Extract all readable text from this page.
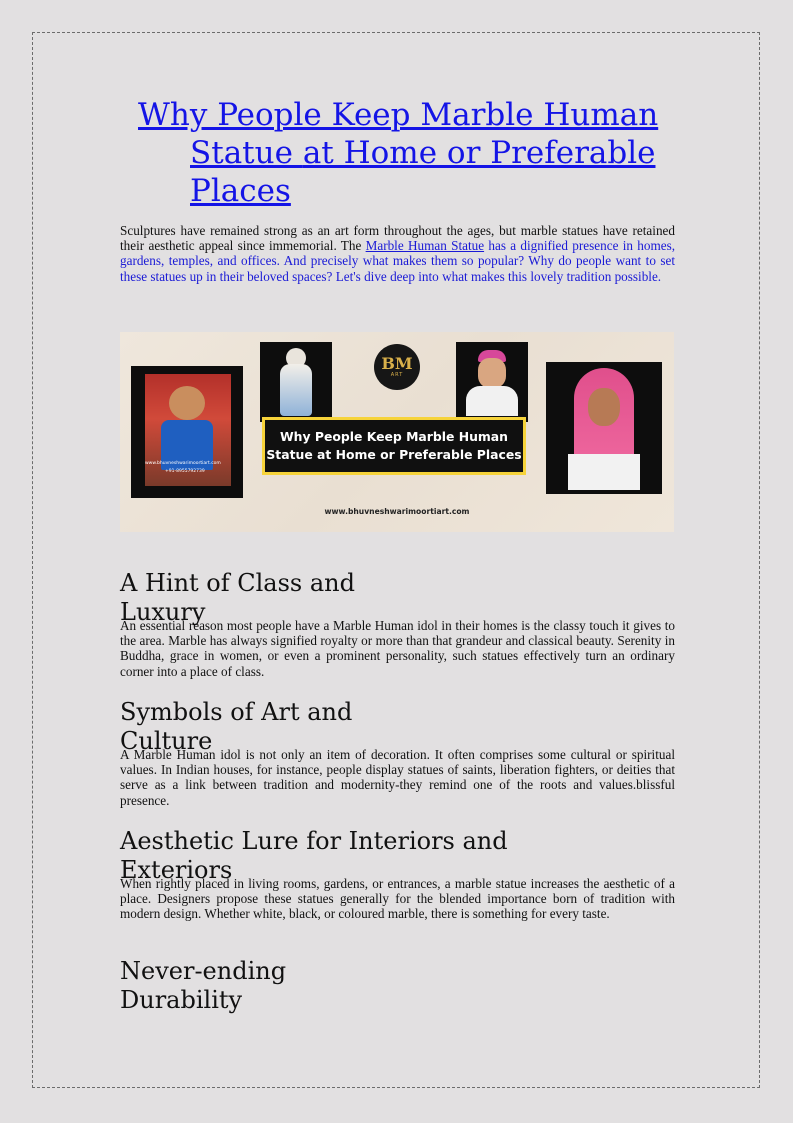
Why People Keep Marble Human
Statue at Home or Preferable
Places

Sculptures have remained strong as an art form throughout the ages, but marble statues have retained their aesthetic appeal since immemorial. The Marble Human Statue has a dignified presence in homes, gardens, temples, and offices. And precisely what makes them so popular? Why do people want to set these statues up in their beloved spaces? Let's dive deep into what makes this lovely tradition possible.

www.bhuvneshwarimoortiart.com
+91-8955792739
BM
ART
Why People Keep Marble Human Statue at Home or Preferable Places
www.bhuvneshwarimoortiart.com
A Hint of Class and Luxury

An essential reason most people have a Marble Human idol in their homes is the classy touch it gives to the area. Marble has always signified royalty or more than that grandeur and classical beauty. Serenity in Buddha, grace in women, or even a prominent personality, such statues effectively turn an ordinary corner into a place of class.

Symbols of Art and Culture

A Marble Human idol is not only an item of decoration. It often comprises some cultural or spiritual values. In Indian houses, for instance, people display statues of saints, liberation fighters, or deities that serve as a link between tradition and modernity-they remind one of the roots and values.blissful presence.

Aesthetic Lure for Interiors and Exteriors

When rightly placed in living rooms, gardens, or entrances, a marble statue increases the aesthetic of a place. Designers propose these statues generally for the blended importance born of tradition with modern design. Whether white, black, or coloured marble, there is something for every taste.

Never-ending Durability
